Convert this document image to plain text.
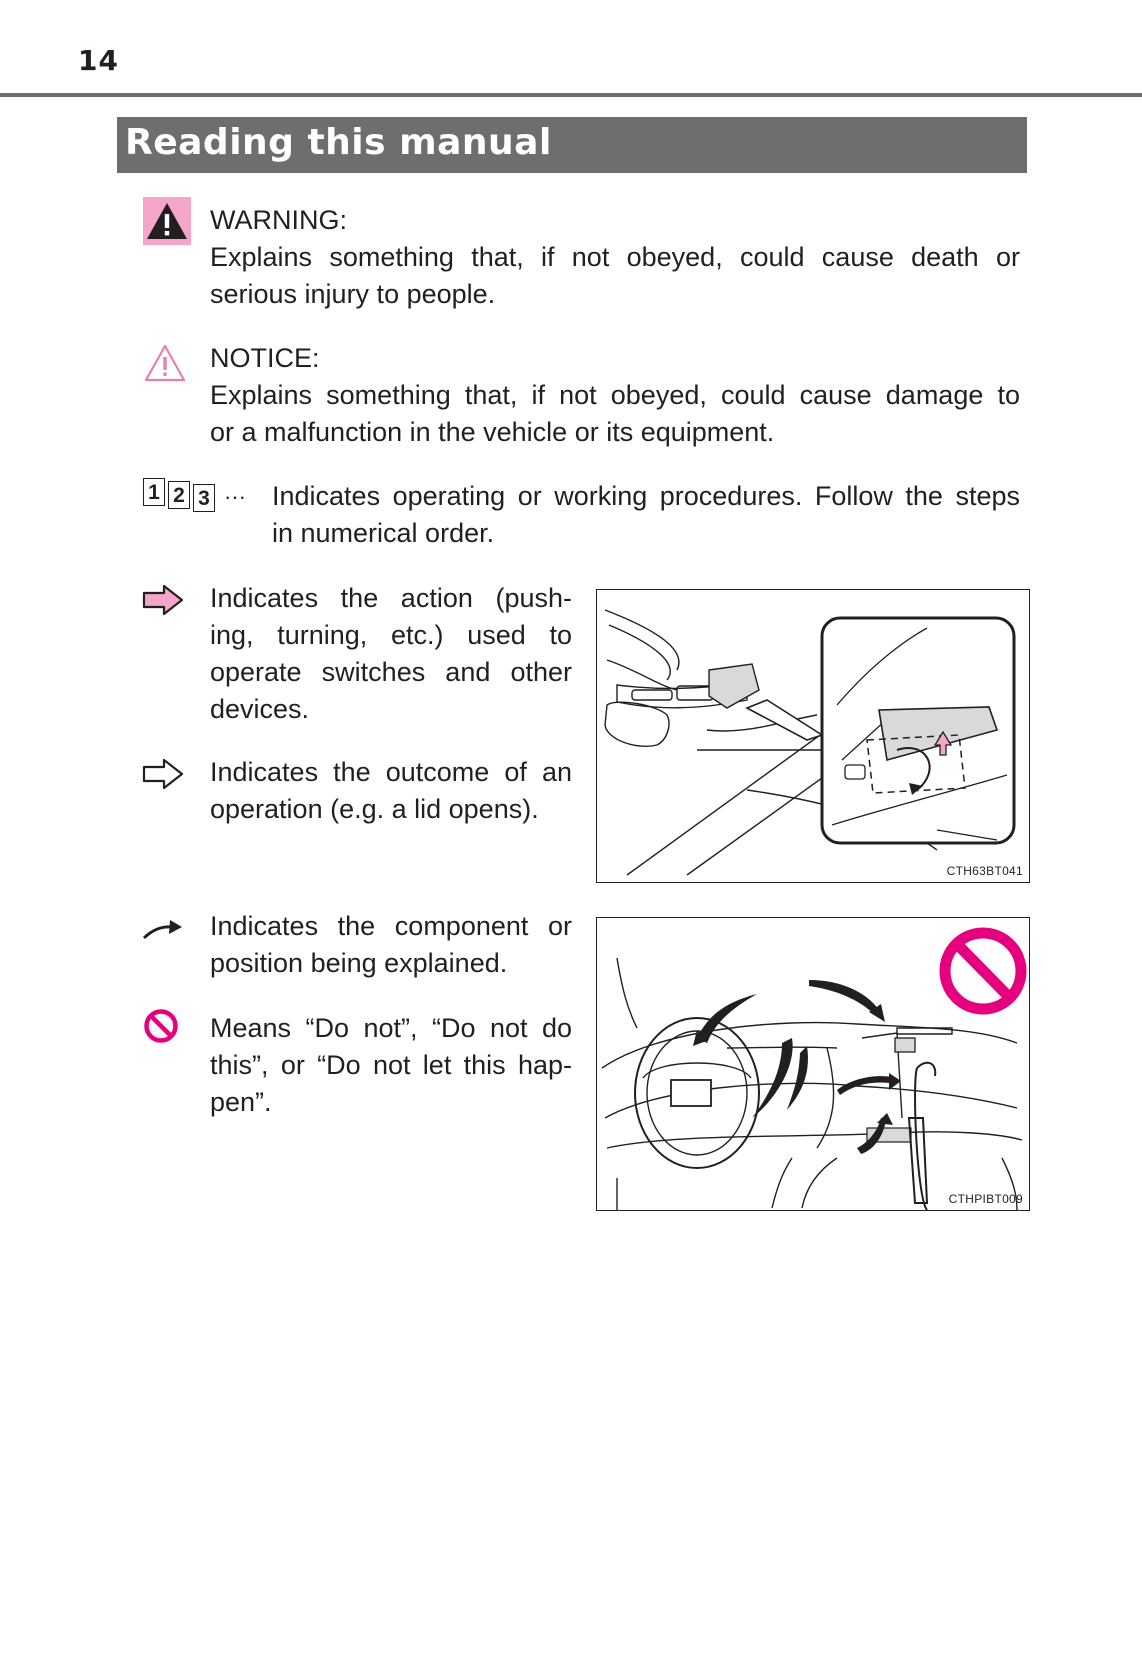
14
Reading this manual
WARNING:
Explains something that, if not obeyed, could cause death or
serious injury to people.
NOTICE:
Explains something that, if not obeyed, could cause damage to
or a malfunction in the vehicle or its equipment.
1 2 3 ··· Indicates operating or working procedures. Follow the steps
in numerical order.
Indicates the action (push-
ing, turning, etc.) used to
operate switches and other
devices.
Indicates the outcome of an
operation (e.g. a lid opens).
Indicates the component or
position being explained.
Means “Do not”, “Do not do
this”, or “Do not let this hap-
pen”.
CTH63BT041
CTHPIBT009
